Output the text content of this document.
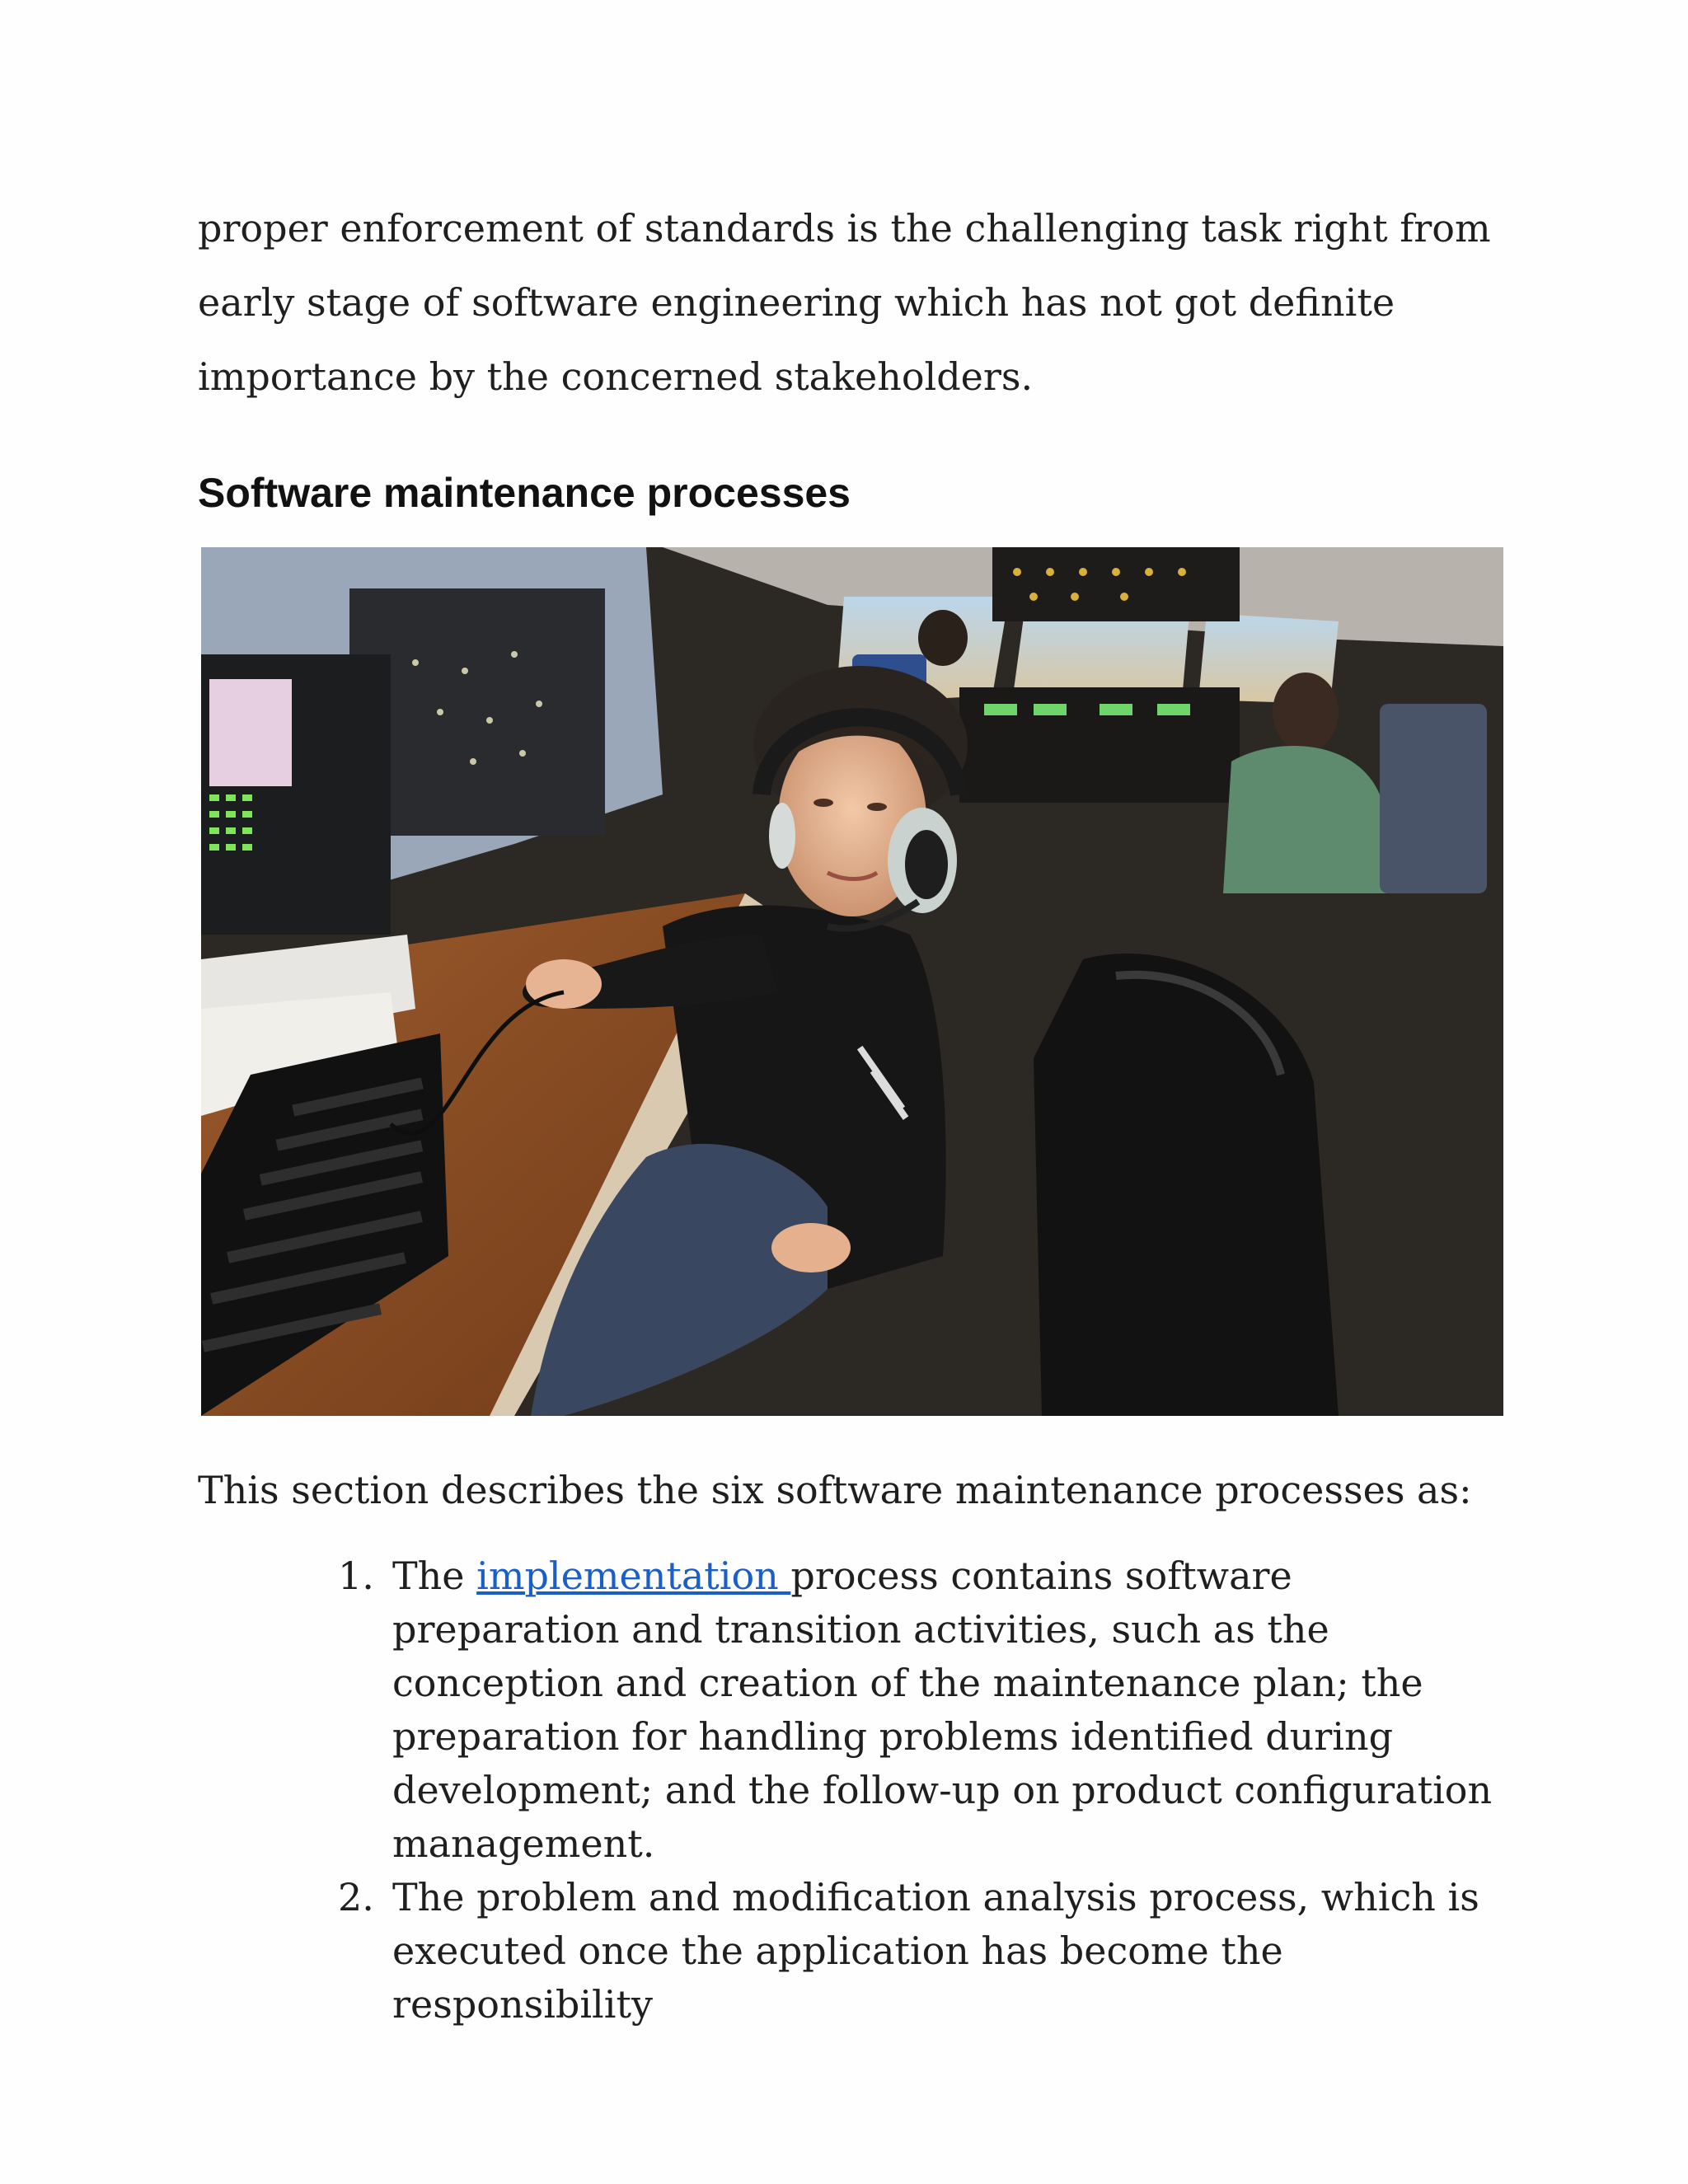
proper enforcement of standards is the challenging task right from early stage of software engineering which has not got definite importance by the concerned stakeholders.

Software maintenance processes

This section describes the six software maintenance processes as:

1. The implementation process contains software preparation and transition activities, such as the conception and creation of the maintenance plan; the preparation for handling problems identified during development; and the follow-up on product configuration management.
2. The problem and modification analysis process, which is executed once the application has become the responsibility
